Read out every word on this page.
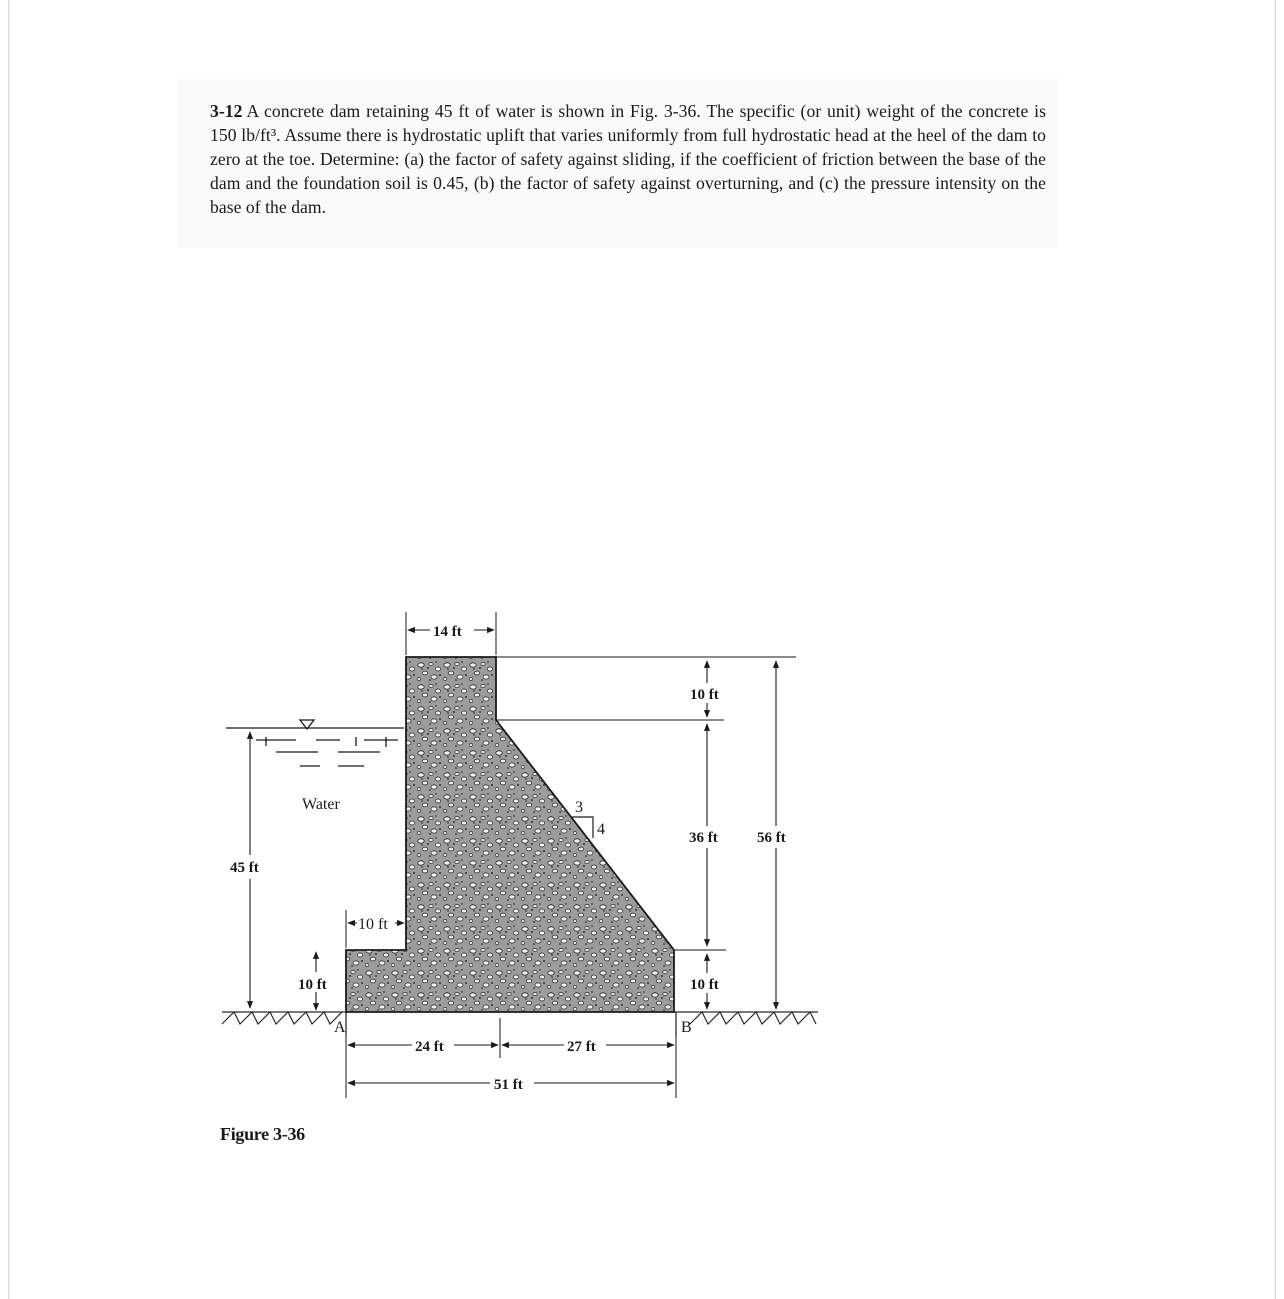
3-12 A concrete dam retaining 45 ft of water is shown in Fig. 3-36. The specific (or unit) weight of the concrete is 150 lb/ft³. Assume there is hydrostatic uplift that varies uniformly from full hydrostatic head at the heel of the dam to zero at the toe. Determine: (a) the factor of safety against sliding, if the coefficient of friction between the base of the dam and the foundation soil is 0.45, (b) the factor of safety against overturning, and (c) the pressure intensity on the base of the dam.
A	B
Water
45 ft
10 ft
10 ft
14 ft
10 ft
36 ft
10 ft
56 ft
3
4
24 ft	27 ft
51 ft
Figure 3-36
